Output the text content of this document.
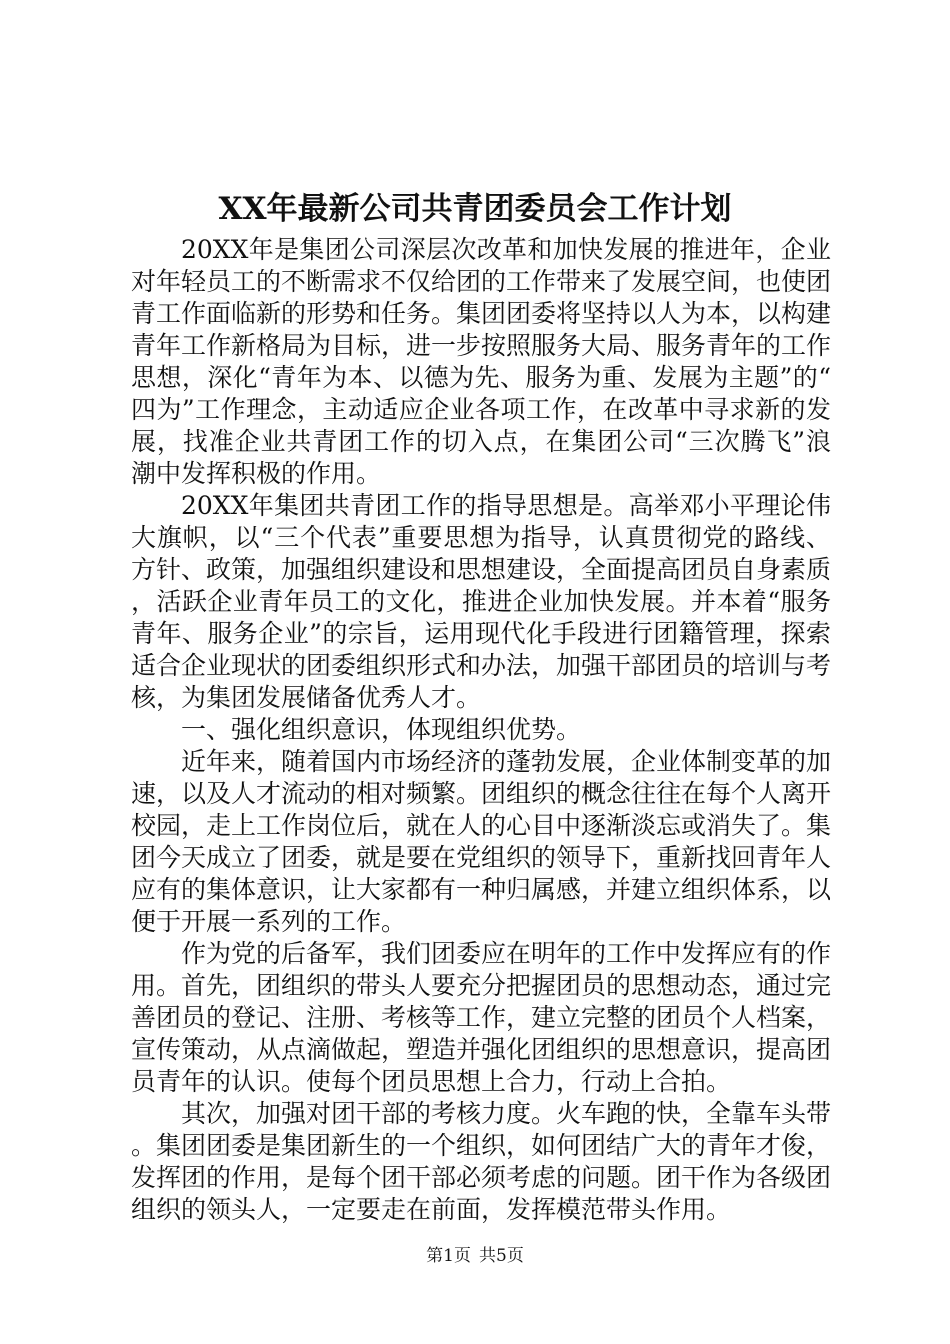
XX年最新公司共青团委员会工作计划

20XX年是集团公司深层次改革和加快发展的推进年，企业对年轻员工的不断需求不仅给团的工作带来了发展空间，也使团青工作面临新的形势和任务。集团团委将坚持以人为本，以构建青年工作新格局为目标，进一步按照服务大局、服务青年的工作思想，深化“青年为本、以德为先、服务为重、发展为主题”的“四为”工作理念，主动适应企业各项工作，在改革中寻求新的发展，找准企业共青团工作的切入点，在集团公司“三次腾飞”浪潮中发挥积极的作用。

20XX年集团共青团工作的指导思想是。高举邓小平理论伟大旗帜，以“三个代表”重要思想为指导，认真贯彻党的路线、方针、政策，加强组织建设和思想建设，全面提高团员自身素质，活跃企业青年员工的文化，推进企业加快发展。并本着“服务青年、服务企业”的宗旨，运用现代化手段进行团籍管理，探索适合企业现状的团委组织形式和办法，加强干部团员的培训与考核，为集团发展储备优秀人才。

一、强化组织意识，体现组织优势。

近年来，随着国内市场经济的蓬勃发展，企业体制变革的加速，以及人才流动的相对频繁。团组织的概念往往在每个人离开校园，走上工作岗位后，就在人的心目中逐渐淡忘或消失了。集团今天成立了团委，就是要在党组织的领导下，重新找回青年人应有的集体意识，让大家都有一种归属感，并建立组织体系，以便于开展一系列的工作。

作为党的后备军，我们团委应在明年的工作中发挥应有的作用。首先，团组织的带头人要充分把握团员的思想动态，通过完善团员的登记、注册、考核等工作，建立完整的团员个人档案，宣传策动，从点滴做起，塑造并强化团组织的思想意识，提高团员青年的认识。使每个团员思想上合力，行动上合拍。

其次，加强对团干部的考核力度。火车跑的快，全靠车头带。集团团委是集团新生的一个组织，如何团结广大的青年才俊，发挥团的作用，是每个团干部必须考虑的问题。团干作为各级团组织的领头人，一定要走在前面，发挥模范带头作用。

第1页 共5页
